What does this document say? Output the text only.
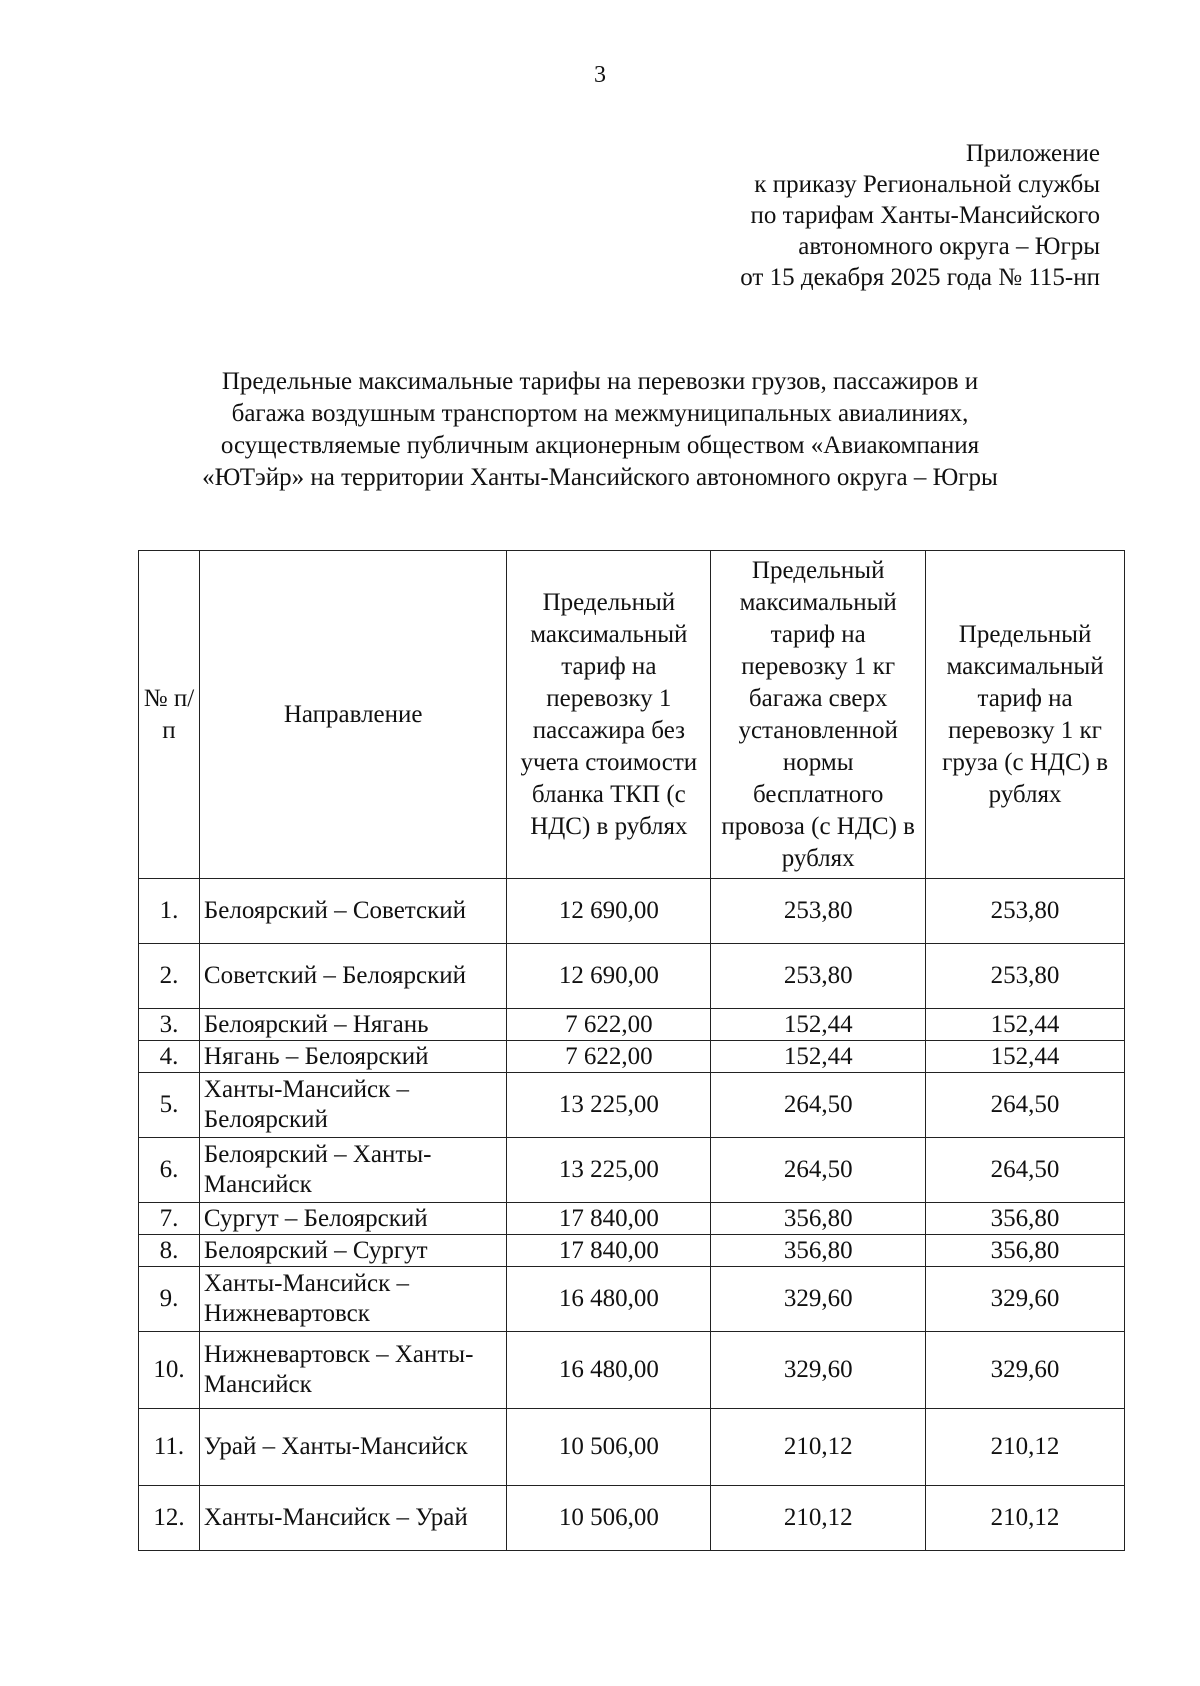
3
Приложение
к приказу Региональной службы
по тарифам Ханты-Мансийского
автономного округа – Югры
от 15 декабря 2025 года № 115-нп
Предельные максимальные тарифы на перевозки грузов, пассажиров и
багажа воздушным транспортом на межмуниципальных авиалиниях,
осуществляемые публичным акционерным обществом «Авиакомпания
«ЮТэйр» на территории Ханты-Мансийского автономного округа – Югры
№ п/п	Направление	Предельный максимальный тариф на перевозку 1 пассажира без учета стоимости бланка ТКП (с НДС) в рублях	Предельный максимальный тариф на перевозку 1 кг багажа сверх установленной нормы бесплатного провоза (с НДС) в рублях	Предельный максимальный тариф на перевозку 1 кг груза (с НДС) в рублях
1.	Белоярский – Советский	12 690,00	253,80	253,80
2.	Советский – Белоярский	12 690,00	253,80	253,80
3.	Белоярский – Нягань	7 622,00	152,44	152,44
4.	Нягань – Белоярский	7 622,00	152,44	152,44
5.	Ханты-Мансийск – Белоярский	13 225,00	264,50	264,50
6.	Белоярский – Ханты-Мансийск	13 225,00	264,50	264,50
7.	Сургут – Белоярский	17 840,00	356,80	356,80
8.	Белоярский – Сургут	17 840,00	356,80	356,80
9.	Ханты-Мансийск – Нижневартовск	16 480,00	329,60	329,60
10.	Нижневартовск – Ханты-Мансийск	16 480,00	329,60	329,60
11.	Урай – Ханты-Мансийск	10 506,00	210,12	210,12
12.	Ханты-Мансийск – Урай	10 506,00	210,12	210,12
